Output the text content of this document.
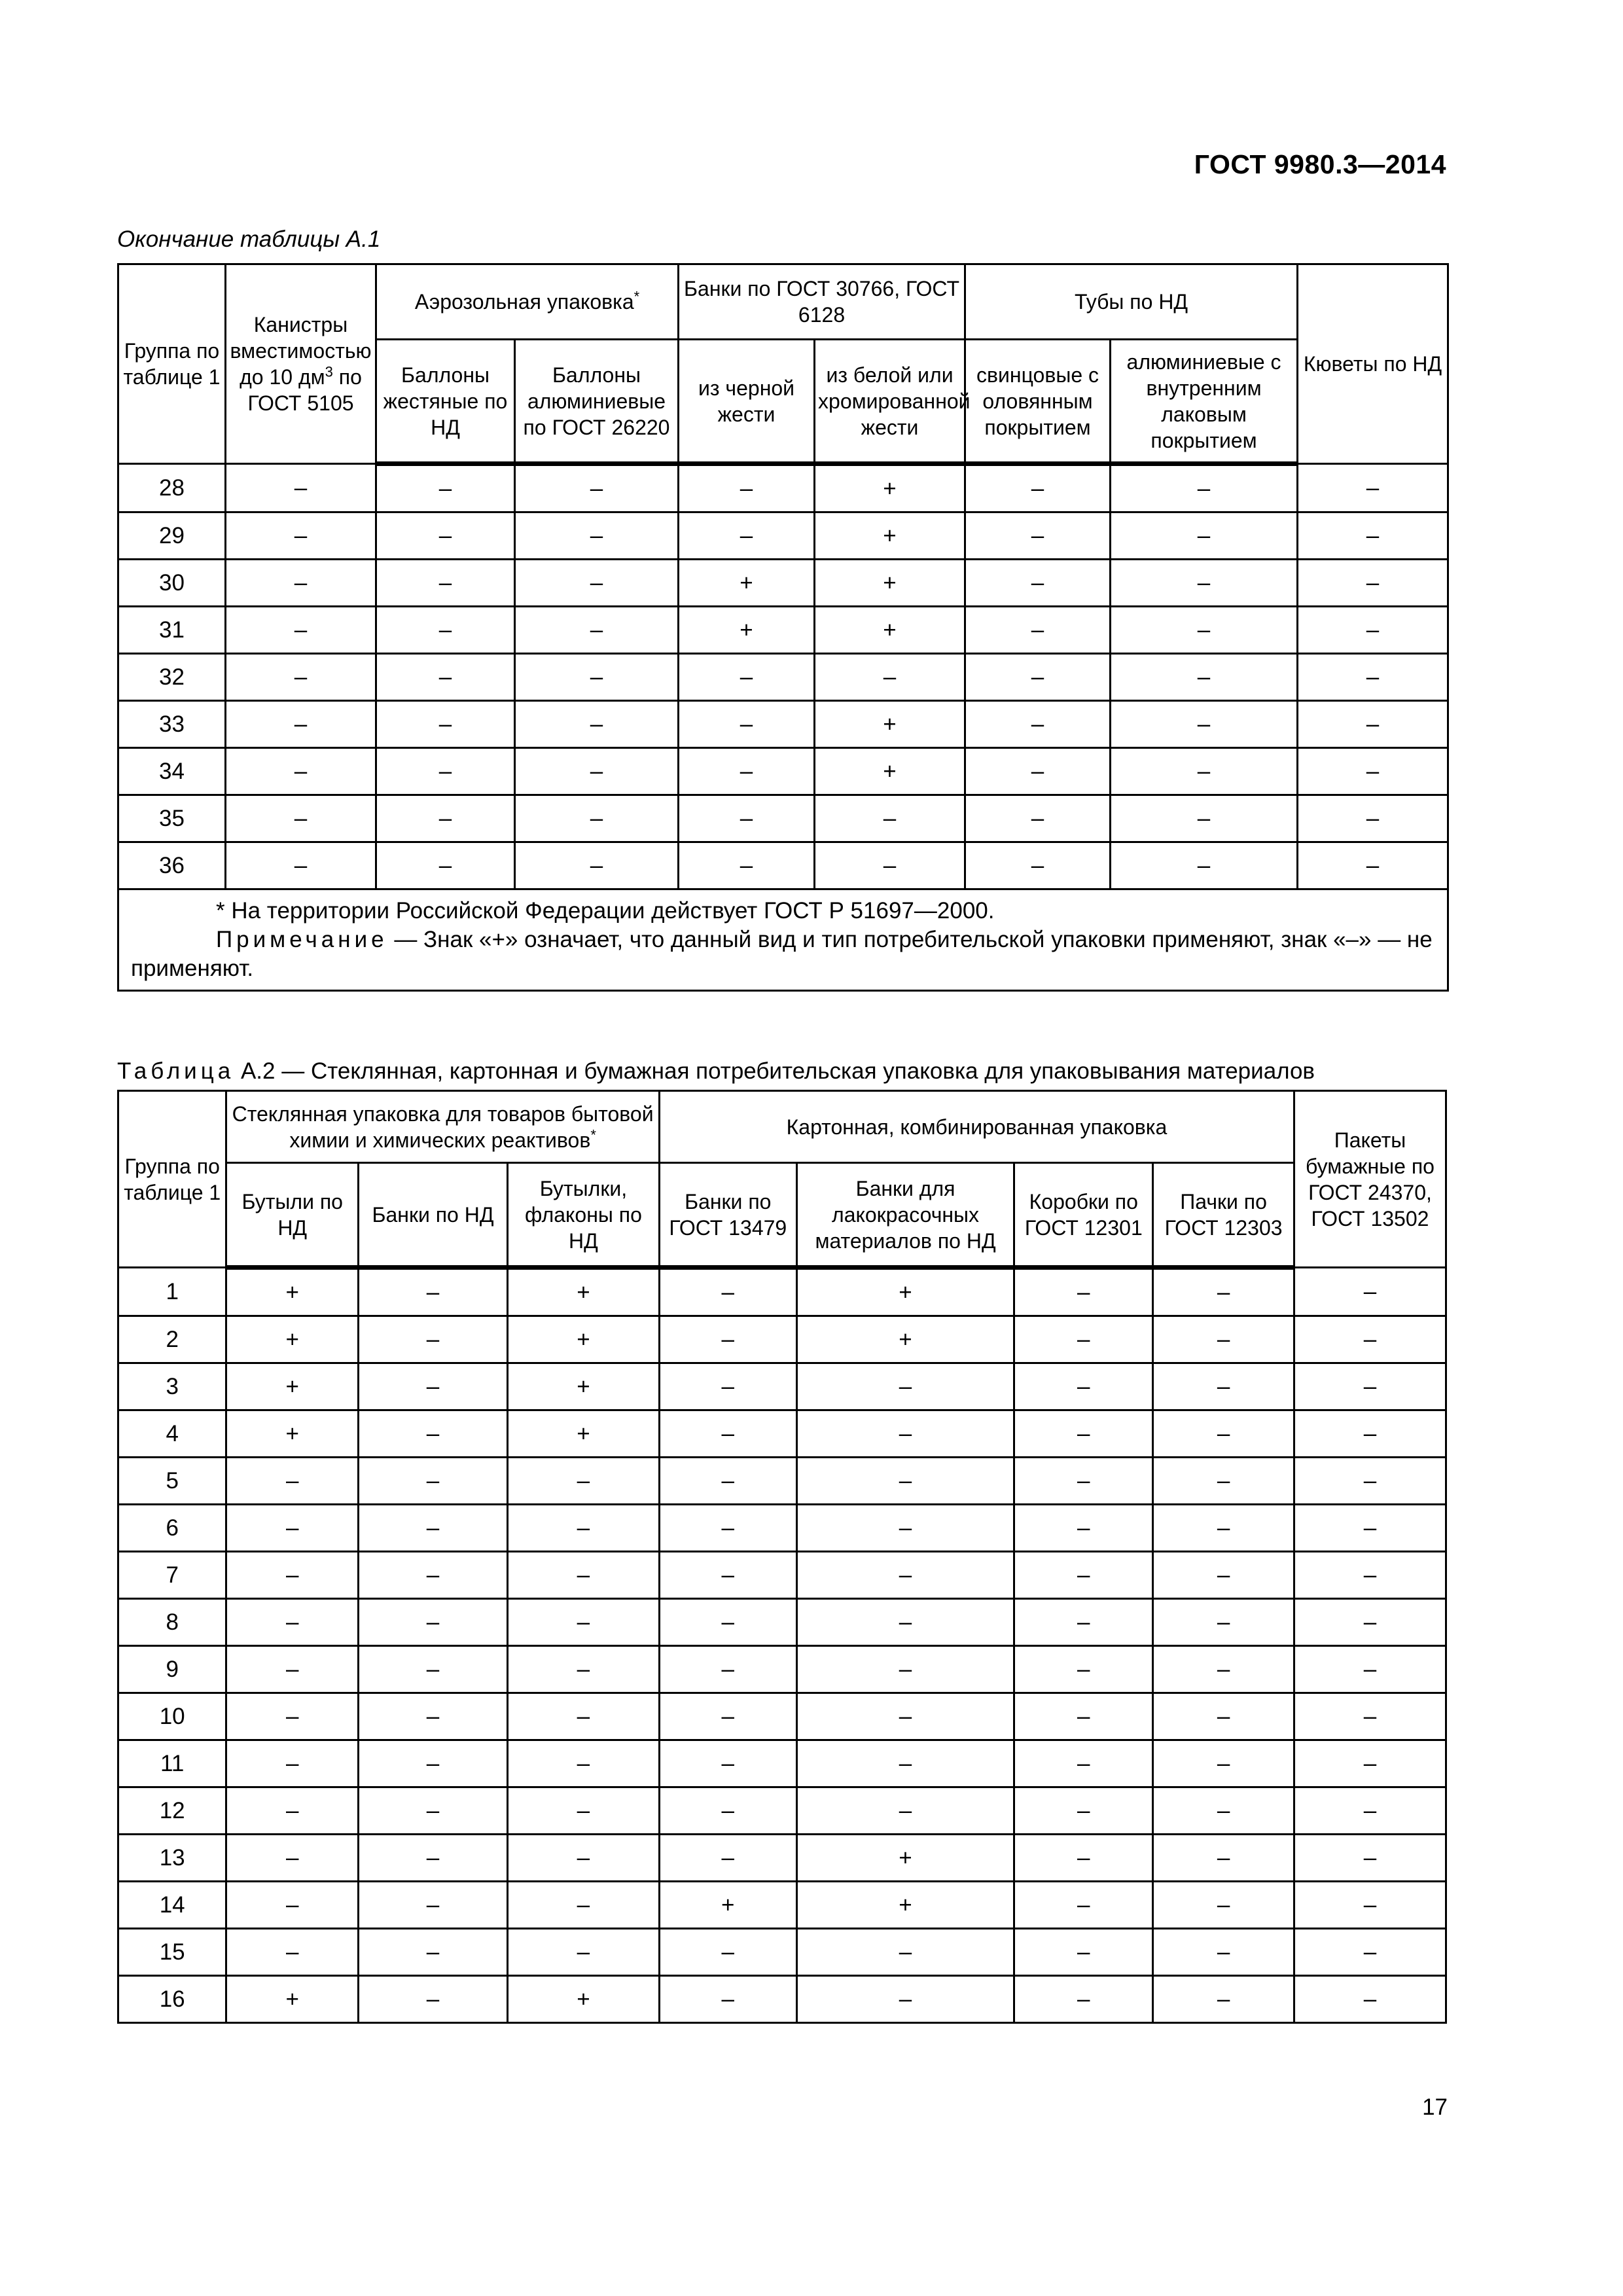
ГОСТ 9980.3—2014
Окончание таблицы А.1
Группа по таблице 1	Канистры вместимостью до 10 $дм^3$ по ГОСТ 5105	Аэрозольная упаковка*		Банки по ГОСТ 30766, ГОСТ 6128		Тубы по НД		Кюветы по НД
		Баллоны жестяные по НД	Баллоны алюминиевые по ГОСТ 26220	из черной жести	из белой или хромированной жести	свинцовые с оловянным покрытием	алюминиевые с внутренним лаковым покрытием	
28	–	–	–	–	+	–	–	–
29	–	–	–	–	+	–	–	–
30	–	–	–	+	+	–	–	–
31	–	–	–	+	+	–	–	–
32	–	–	–	–	–	–	–	–
33	–	–	–	–	+	–	–	–
34	–	–	–	–	+	–	–	–
35	–	–	–	–	–	–	–	–
36	–	–	–	–	–	–	–	–

* На территории Российской Федерации действует ГОСТ Р 51697—2000.
Примечание — Знак «+» означает, что данный вид и тип потребительской упаковки применяют, знак «–» — не применяют.								
Таблица А.2 — Стеклянная, картонная и бумажная потребительская упаковка для упаковывания материалов
Группа по таблице 1	Стеклянная упаковка для товаров бытовой химии и химических реактивов*			Картонная, комбинированная упаковка				Пакеты бумажные по ГОСТ 24370, ГОСТ 13502
	Бутыли по НД	Банки по НД	Бутылки, флаконы по НД	Банки по ГОСТ 13479	Банки для лакокрасочных материалов по НД	Коробки по ГОСТ 12301	Пачки по ГОСТ 12303	
1	+	–	+	–	+	–	–	–
2	+	–	+	–	+	–	–	–
3	+	–	+	–	–	–	–	–
4	+	–	+	–	–	–	–	–
5	–	–	–	–	–	–	–	–
6	–	–	–	–	–	–	–	–
7	–	–	–	–	–	–	–	–
8	–	–	–	–	–	–	–	–
9	–	–	–	–	–	–	–	–
10	–	–	–	–	–	–	–	–
11	–	–	–	–	–	–	–	–
12	–	–	–	–	–	–	–	–
13	–	–	–	–	+	–	–	–
14	–	–	–	+	+	–	–	–
15	–	–	–	–	–	–	–	–
16	+	–	+	–	–	–	–	–
17
